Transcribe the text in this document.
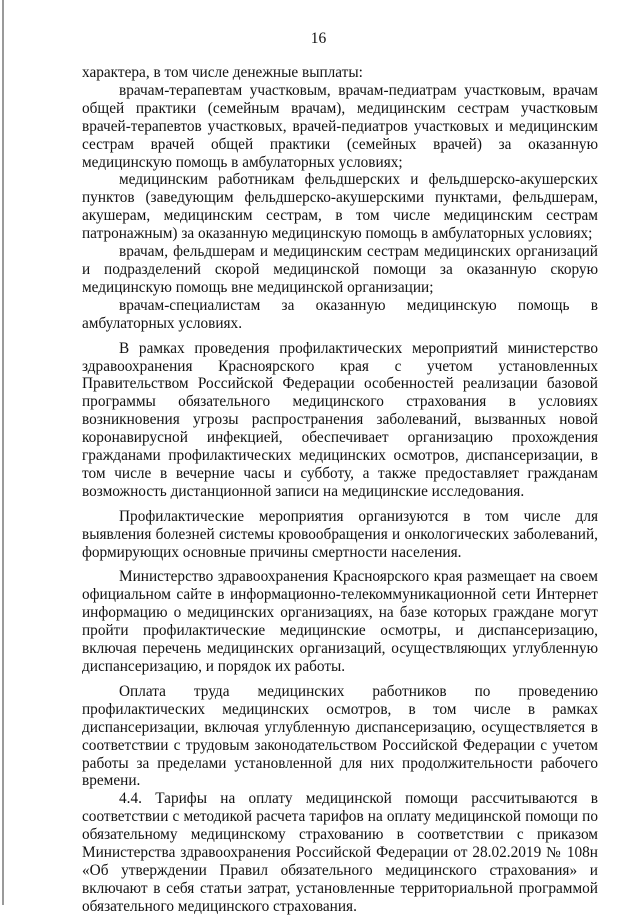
16

характера, в том числе денежные выплаты:

врачам-терапевтам участковым, врачам-педиатрам участковым, врачам общей практики (семейным врачам), медицинским сестрам участковым врачей-терапевтов участковых, врачей-педиатров участковых и медицинским сестрам врачей общей практики (семейных врачей) за оказанную медицинскую помощь в амбулаторных условиях;

медицинским работникам фельдшерских и фельдшерско-акушерских пунктов (заведующим фельдшерско-акушерскими пунктами, фельдшерам, акушерам, медицинским сестрам, в том числе медицинским сестрам патронажным) за оказанную медицинскую помощь в амбулаторных условиях;

врачам, фельдшерам и медицинским сестрам медицинских организаций и подразделений скорой медицинской помощи за оказанную скорую медицинскую помощь вне медицинской организации;

врачам-специалистам за оказанную медицинскую помощь в амбулаторных условиях.

В рамках проведения профилактических мероприятий министерство здравоохранения Красноярского края с учетом установленных Правительством Российской Федерации особенностей реализации базовой программы обязательного медицинского страхования в условиях возникновения угрозы распространения заболеваний, вызванных новой коронавирусной инфекцией, обеспечивает организацию прохождения гражданами профилактических медицинских осмотров, диспансеризации, в том числе в вечерние часы и субботу, а также предоставляет гражданам возможность дистанционной записи на медицинские исследования.

Профилактические мероприятия организуются в том числе для выявления болезней системы кровообращения и онкологических заболеваний, формирующих основные причины смертности населения.

Министерство здравоохранения Красноярского края размещает на своем официальном сайте в информационно-телекоммуникационной сети Интернет информацию о медицинских организациях, на базе которых граждане могут пройти профилактические медицинские осмотры, и диспансеризацию, включая перечень медицинских организаций, осуществляющих углубленную диспансеризацию, и порядок их работы.

Оплата труда медицинских работников по проведению профилактических медицинских осмотров, в том числе в рамках диспансеризации, включая углубленную диспансеризацию, осуществляется в соответствии с трудовым законодательством Российской Федерации с учетом работы за пределами установленной для них продолжительности рабочего времени.

4.4. Тарифы на оплату медицинской помощи рассчитываются в соответствии с методикой расчета тарифов на оплату медицинской помощи по обязательному медицинскому страхованию в соответствии с приказом Министерства здравоохранения Российской Федерации от 28.02.2019 № 108н «Об утверждении Правил обязательного медицинского страхования» и включают в себя статьи затрат, установленные территориальной программой обязательного медицинского страхования.
